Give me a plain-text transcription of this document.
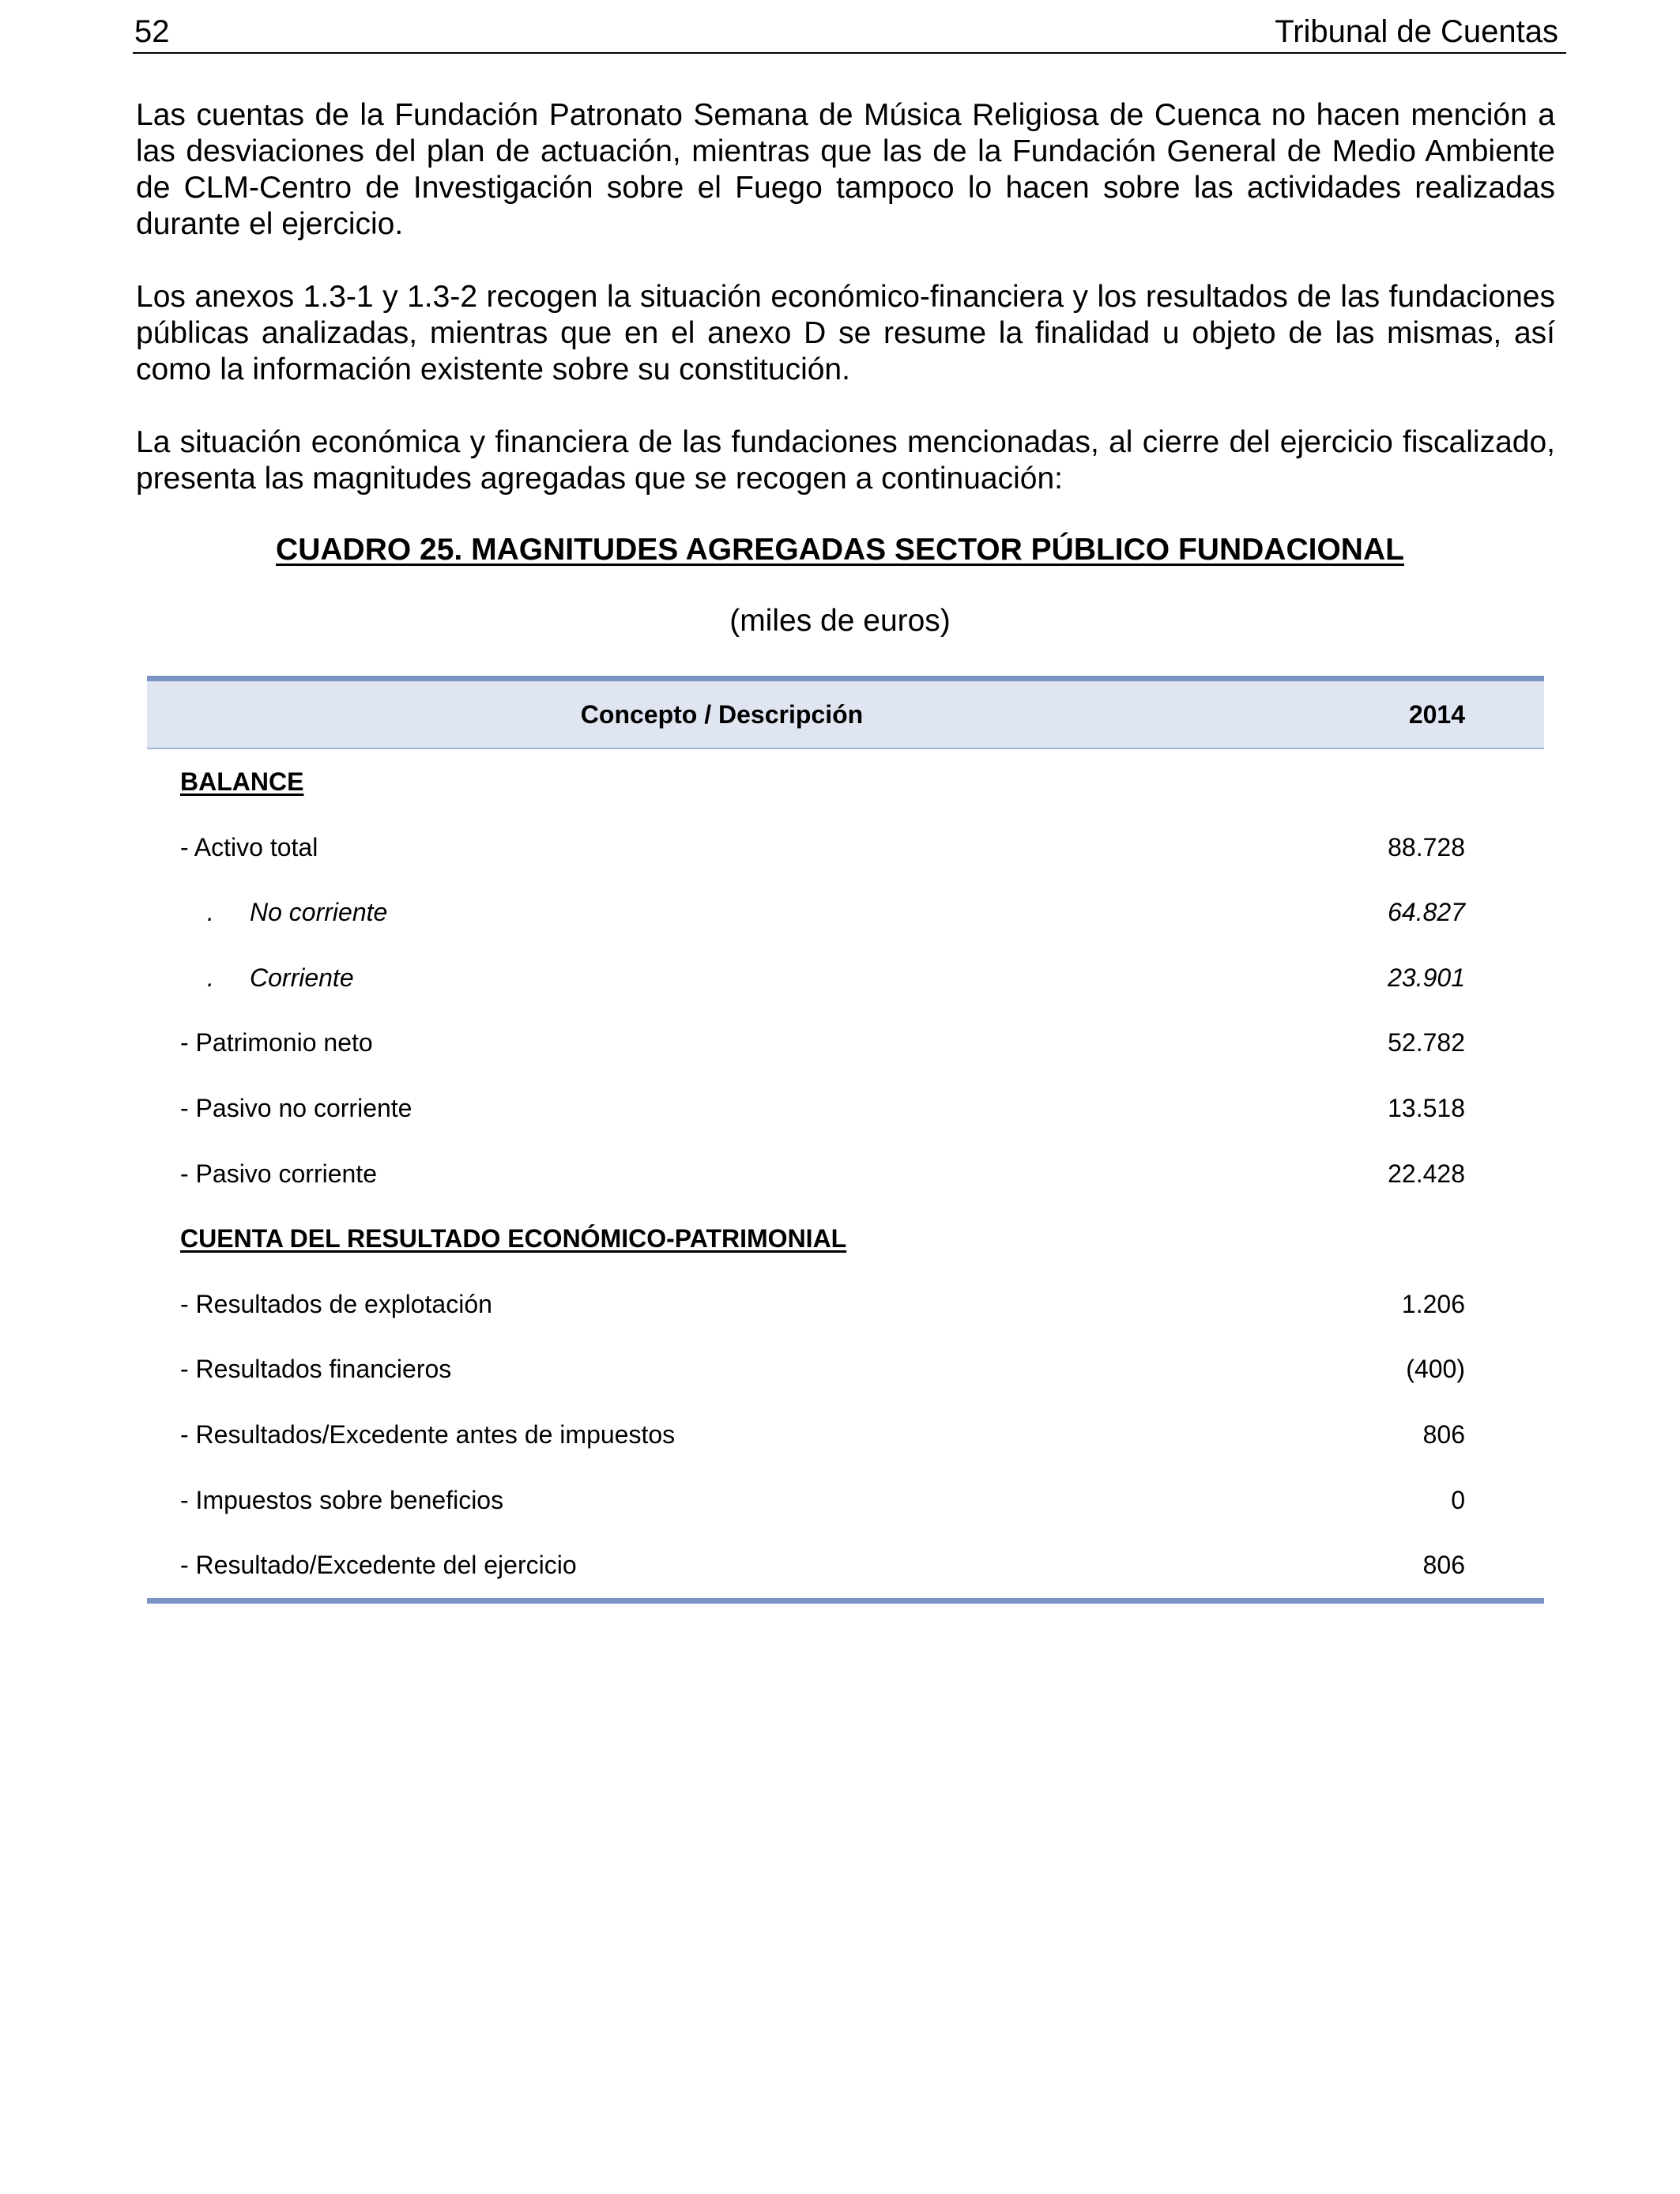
52	Tribunal de Cuentas

Las cuentas de la Fundación Patronato Semana de Música Religiosa de Cuenca no hacen mención a las desviaciones del plan de actuación, mientras que las de la Fundación General de Medio Ambiente de CLM-Centro de Investigación sobre el Fuego tampoco lo hacen sobre las actividades realizadas durante el ejercicio.

Los anexos 1.3-1 y 1.3-2 recogen la situación económico-financiera y los resultados de las fundaciones públicas analizadas, mientras que en el anexo D se resume la finalidad u objeto de las mismas, así como la información existente sobre su constitución.

La situación económica y financiera de las fundaciones mencionadas, al cierre del ejercicio fiscalizado, presenta las magnitudes agregadas que se recogen a continuación:

CUADRO 25. MAGNITUDES AGREGADAS SECTOR PÚBLICO FUNDACIONAL
(miles de euros)
Concepto / Descripción	2014
BALANCE
- Activo total	88.728
. No corriente	64.827
. Corriente	23.901
- Patrimonio neto	52.782
- Pasivo no corriente	13.518
- Pasivo corriente	22.428
CUENTA DEL RESULTADO ECONÓMICO-PATRIMONIAL
- Resultados de explotación	1.206
- Resultados financieros	(400)
- Resultados/Excedente antes de impuestos	806
- Impuestos sobre beneficios	0
- Resultado/Excedente del ejercicio	806
